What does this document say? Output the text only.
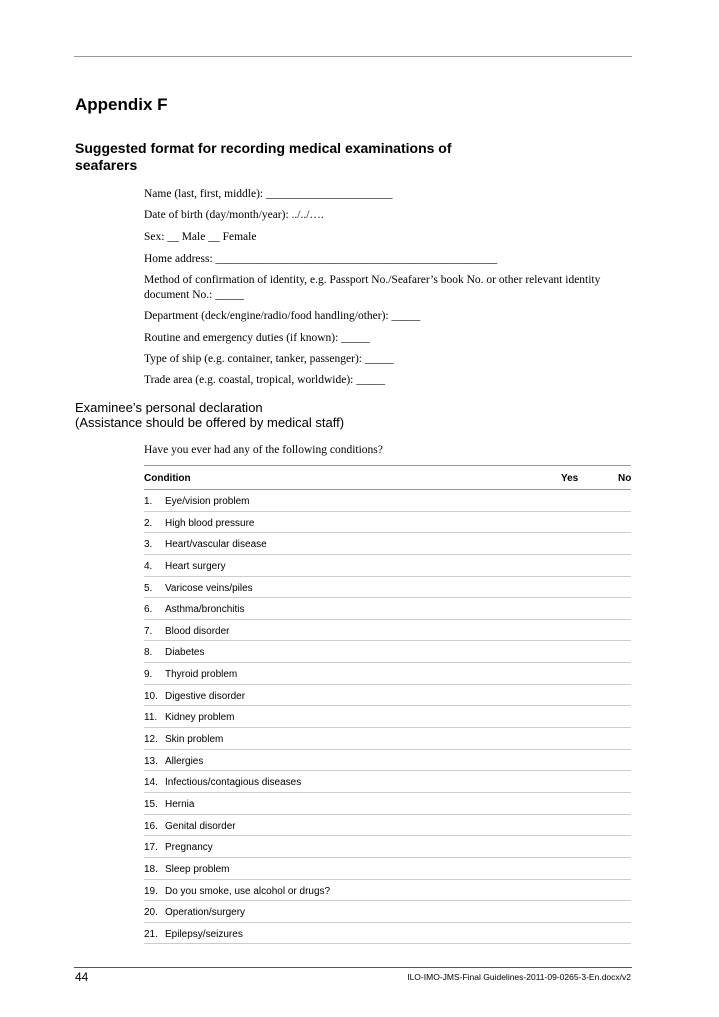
Appendix F
Suggested format for recording medical examinations of seafarers

Name (last, first, middle): ______________________

Date of birth (day/month/year): ../../….

Sex: __ Male __ Female

Home address: _________________________________________________

Method of confirmation of identity, e.g. Passport No./Seafarer’s book No. or other relevant identity document No.: _____

Department (deck/engine/radio/food handling/other): _____

Routine and emergency duties (if known): _____

Type of ship (e.g. container, tanker, passenger): _____

Trade area (e.g. coastal, tropical, worldwide): _____

Examinee’s personal declaration
(Assistance should be offered by medical staff)
Have you ever had any of the following conditions?
Condition	Yes	No
1. Eye/vision problem
2. High blood pressure
3. Heart/vascular disease
4. Heart surgery
5. Varicose veins/piles
6. Asthma/bronchitis
7. Blood disorder
8. Diabetes
9. Thyroid problem
10. Digestive disorder
11. Kidney problem
12. Skin problem
13. Allergies
14. Infectious/contagious diseases
15. Hernia
16. Genital disorder
17. Pregnancy
18. Sleep problem
19. Do you smoke, use alcohol or drugs?
20. Operation/surgery
21. Epilepsy/seizures
44	ILO-IMO-JMS-Final Guidelines-2011-09-0265-3-En.docx/v2
